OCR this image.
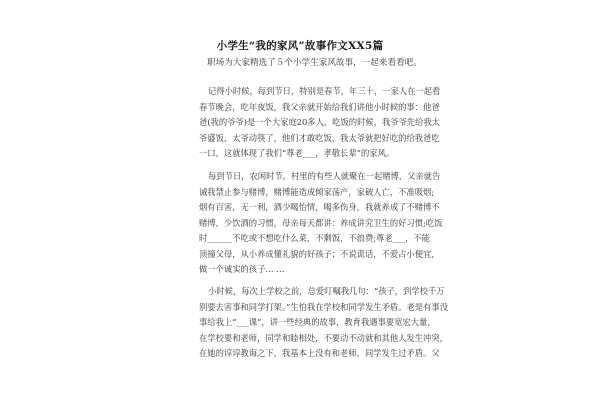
小学生“我的家风”故事作文XX5篇
职场为大家精选了５个小学生家风故事，一起来看看吧。
记得小时候，每到节日，特别是春节，年三十，一家人在一起看
春节晚会，吃年夜饭，我父亲就开始给我们讲他小时候的事：他爸
爸(我的爷爷)是一个大家庭20多人，吃饭的时候，我爷爷先给我太
爷盛饭，太爷动筷了，他们才敢吃饭，我太爷就把好吃的给我爸吃
一口，这就体现了我们“尊老___，孝敬长辈”的家风。
每到节日，农闲时节，村里的有些人就聚在一起赌博，父亲就告
诫我禁止参与赌博，赌博能造成倾家荡产，家破人亡，不准吸烟;
烟有百害，无一利，酒少喝怡情，喝多伤身，我就养成了不赌博不
赌博，少饮酒的习惯，母亲每天都讲：养成讲究卫生的好习惯;吃饭
时______不吃或不想吃什么菜，不剩饭，不浪费;尊老___，不能
顶撞父母，从小养成懂礼貌的好孩子；不说谎话，不爱占小便宜，
做一个诚实的孩子… …
小时候，每次上学校之前，总爱叮嘱我几句：“孩子，到学校千万
别要去害事和同学打架。”生怕我在学校和同学发生矛盾。老是有事没
事给我上“___课”，讲一些经典的故事，教育我遇事要宽宏大量，
在学校要和老师，同学和睦相处，不要动不动就和其他人发生冲突，
在她的谆谆教诲之下，我基本上没有和老师，同学发生过矛盾。父
